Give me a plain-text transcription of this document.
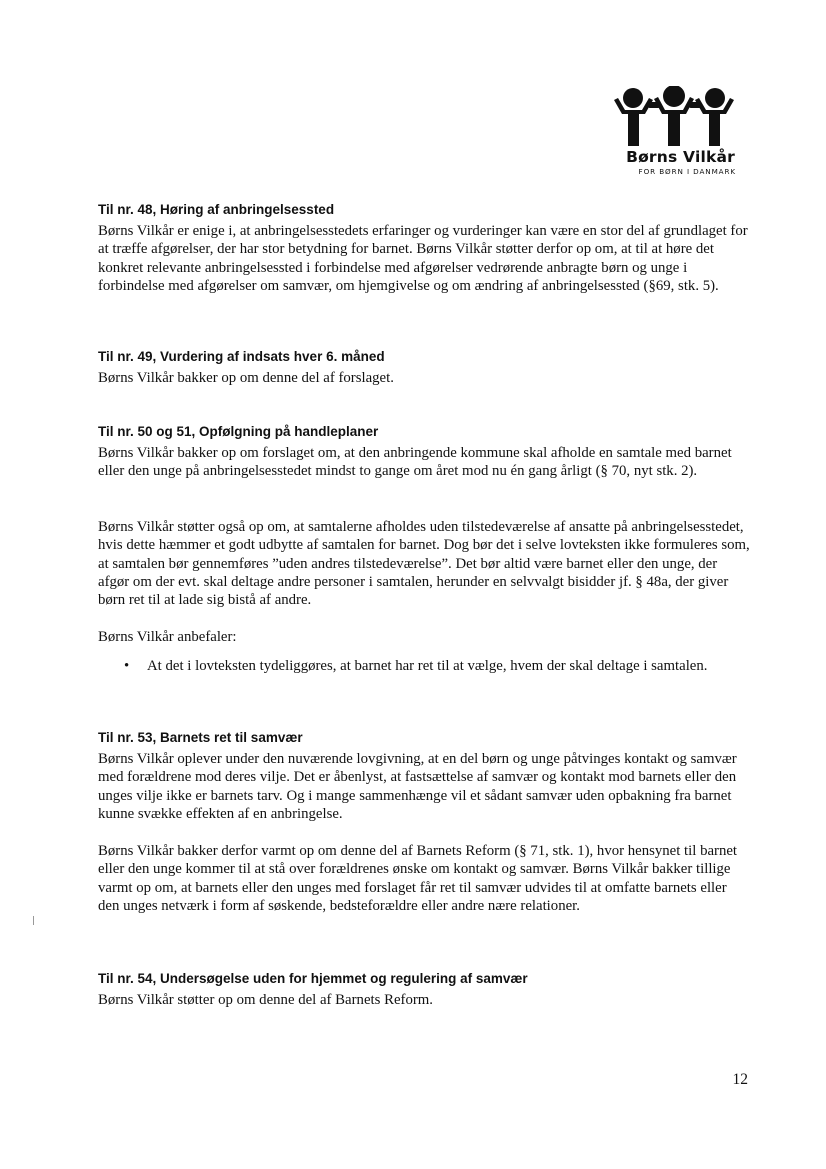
Børns Vilkår
FOR BØRN I DANMARK
Til nr. 48, Høring af anbringelsessted
Børns Vilkår er enige i, at anbringelsesstedets erfaringer og vurderinger kan være en stor del af grundlaget for at træffe afgørelser, der har stor betydning for barnet. Børns Vilkår støtter derfor op om, at til at høre det konkret relevante anbringelsessted i forbindelse med afgørelser vedrørende anbragte børn og unge i forbindelse med afgørelser om samvær, om hjemgivelse og om ændring af anbringelsessted (§69, stk. 5).
Til nr. 49, Vurdering af indsats hver 6. måned
Børns Vilkår bakker op om denne del af forslaget.
Til nr. 50 og 51, Opfølgning på handleplaner
Børns Vilkår bakker op om forslaget om, at den anbringende kommune skal afholde en samtale med barnet eller den unge på anbringelsesstedet mindst to gange om året mod nu én gang årligt (§ 70, nyt stk. 2).
Børns Vilkår støtter også op om, at samtalerne afholdes uden tilstedeværelse af ansatte på anbringelsesstedet, hvis dette hæmmer et godt udbytte af samtalen for barnet. Dog bør det i selve lovteksten ikke formuleres som, at samtalen bør gennemføres ”uden andres tilstedeværelse”. Det bør altid være barnet eller den unge, der afgør om der evt. skal deltage andre personer i samtalen, herunder en selvvalgt bisidder jf. § 48a, der giver børn ret til at lade sig bistå af andre.
Børns Vilkår anbefaler:
• At det i lovteksten tydeliggøres, at barnet har ret til at vælge, hvem der skal deltage i samtalen.
Til nr. 53, Barnets ret til samvær
Børns Vilkår oplever under den nuværende lovgivning, at en del børn og unge påtvinges kontakt og samvær med forældrene mod deres vilje. Det er åbenlyst, at fastsættelse af samvær og kontakt mod barnets eller den unges vilje ikke er barnets tarv. Og i mange sammenhænge vil et sådant samvær uden opbakning fra barnet kunne svække effekten af en anbringelse.
Børns Vilkår bakker derfor varmt op om denne del af Barnets Reform (§ 71, stk. 1), hvor hensynet til barnet eller den unge kommer til at stå over forældrenes ønske om kontakt og samvær. Børns Vilkår bakker tillige varmt op om, at barnets eller den unges med forslaget får ret til samvær udvides til at omfatte barnets eller den unges netværk i form af søskende, bedsteforældre eller andre nære relationer.
Til nr. 54, Undersøgelse uden for hjemmet og regulering af samvær
Børns Vilkår støtter op om denne del af Barnets Reform.
12
